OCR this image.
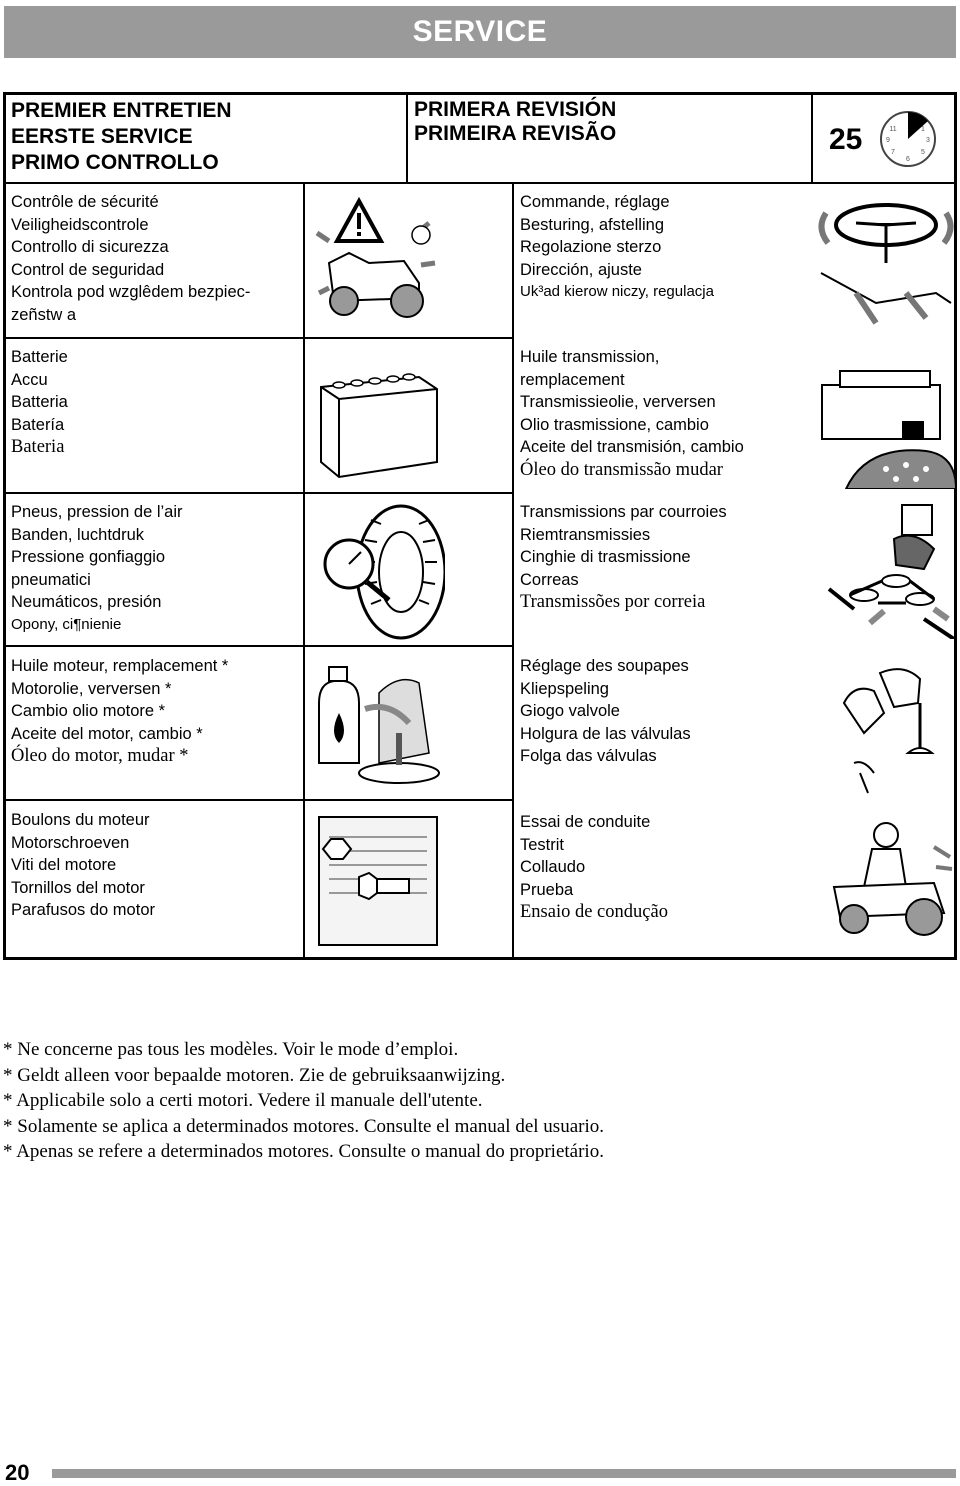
SERVICE
PREMIER ENTRETIEN
EERSTE SERVICE
PRIMO CONTROLLO
PRIMERA REVISIÓN
PRIMEIRA REVISÃO	25	1
3
5
6
7
9
11
Contrôle de sécurité
Veiligheidscontrole
Controllo di sicurezza
Control de seguridad
Kontrola pod wzglêdem bezpiec-
zeñstw a
Batterie
Accu
Batteria
Batería
Bateria
Pneus, pression de l’air
Banden, luchtdruk
Pressione gonfiaggio
pneumatici
Neumáticos, presión
Opony, ci¶nienie
Huile moteur, remplacement *
Motorolie, verversen *
Cambio olio motore *
Aceite del motor, cambio *
Óleo do motor, mudar *
Boulons du moteur
Motorschroeven
Viti del motore
Tornillos del motor
Parafusos do motor
Commande, réglage
Besturing, afstelling
Regolazione sterzo
Dirección, ajuste
Uk³ad kierow niczy, regulacja
Huile transmission,
remplacement
Transmissieolie, verversen
Olio trasmissione, cambio
Aceite del transmisión, cambio
Óleo do transmissão mudar
Transmissions par courroies
Riemtransmissies
Cinghie di trasmissione
Correas
Transmissões por correia
Réglage des soupapes
Kliepspeling
Giogo valvole
Holgura de las válvulas
Folga das válvulas
Essai de conduite
Testrit
Collaudo
Prueba
Ensaio de condução
* Ne concerne pas tous les modèles. Voir le mode d’emploi.
* Geldt alleen voor bepaalde motoren. Zie de gebruiksaanwijzing.
* Applicabile solo a certi motori. Vedere il manuale dell'utente.
* Solamente se aplica a determinados motores. Consulte el manual del usuario.
* Apenas se refere a determinados motores. Consulte o manual do proprietário.
20
